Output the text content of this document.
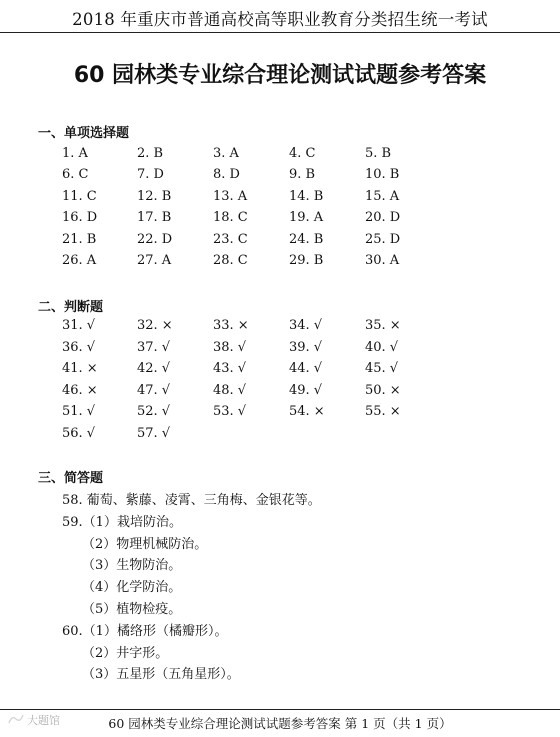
2018 年重庆市普通高校高等职业教育分类招生统一考试
60 园林类专业综合理论测试试题参考答案
一、单项选择题
1. A	2. B	3. A	4. C	5. B
6. C	7. D	8. D	9. B	10. B
11. C	12. B	13. A	14. B	15. A
16. D	17. B	18. C	19. A	20. D
21. B	22. D	23. C	24. B	25. D
26. A	27. A	28. C	29. B	30. A
二、判断题
31. √	32. ×	33. ×	34. √	35. ×
36. √	37. √	38. √	39. √	40. √
41. ×	42. √	43. √	44. √	45. √
46. ×	47. √	48. √	49. √	50. ×
51. √	52. √	53. √	54. ×	55. ×
56. √	57. √
三、简答题
58. 葡萄、紫藤、凌霄、三角梅、金银花等。
59.（1）栽培防治。
（2）物理机械防治。
（3）生物防治。
（4）化学防治。
（5）植物检疫。
60.（1）橘络形（橘瓣形）。
（2）井字形。
（3）五星形（五角星形）。
大题馆	60 园林类专业综合理论测试试题参考答案 第 1 页（共 1 页）
